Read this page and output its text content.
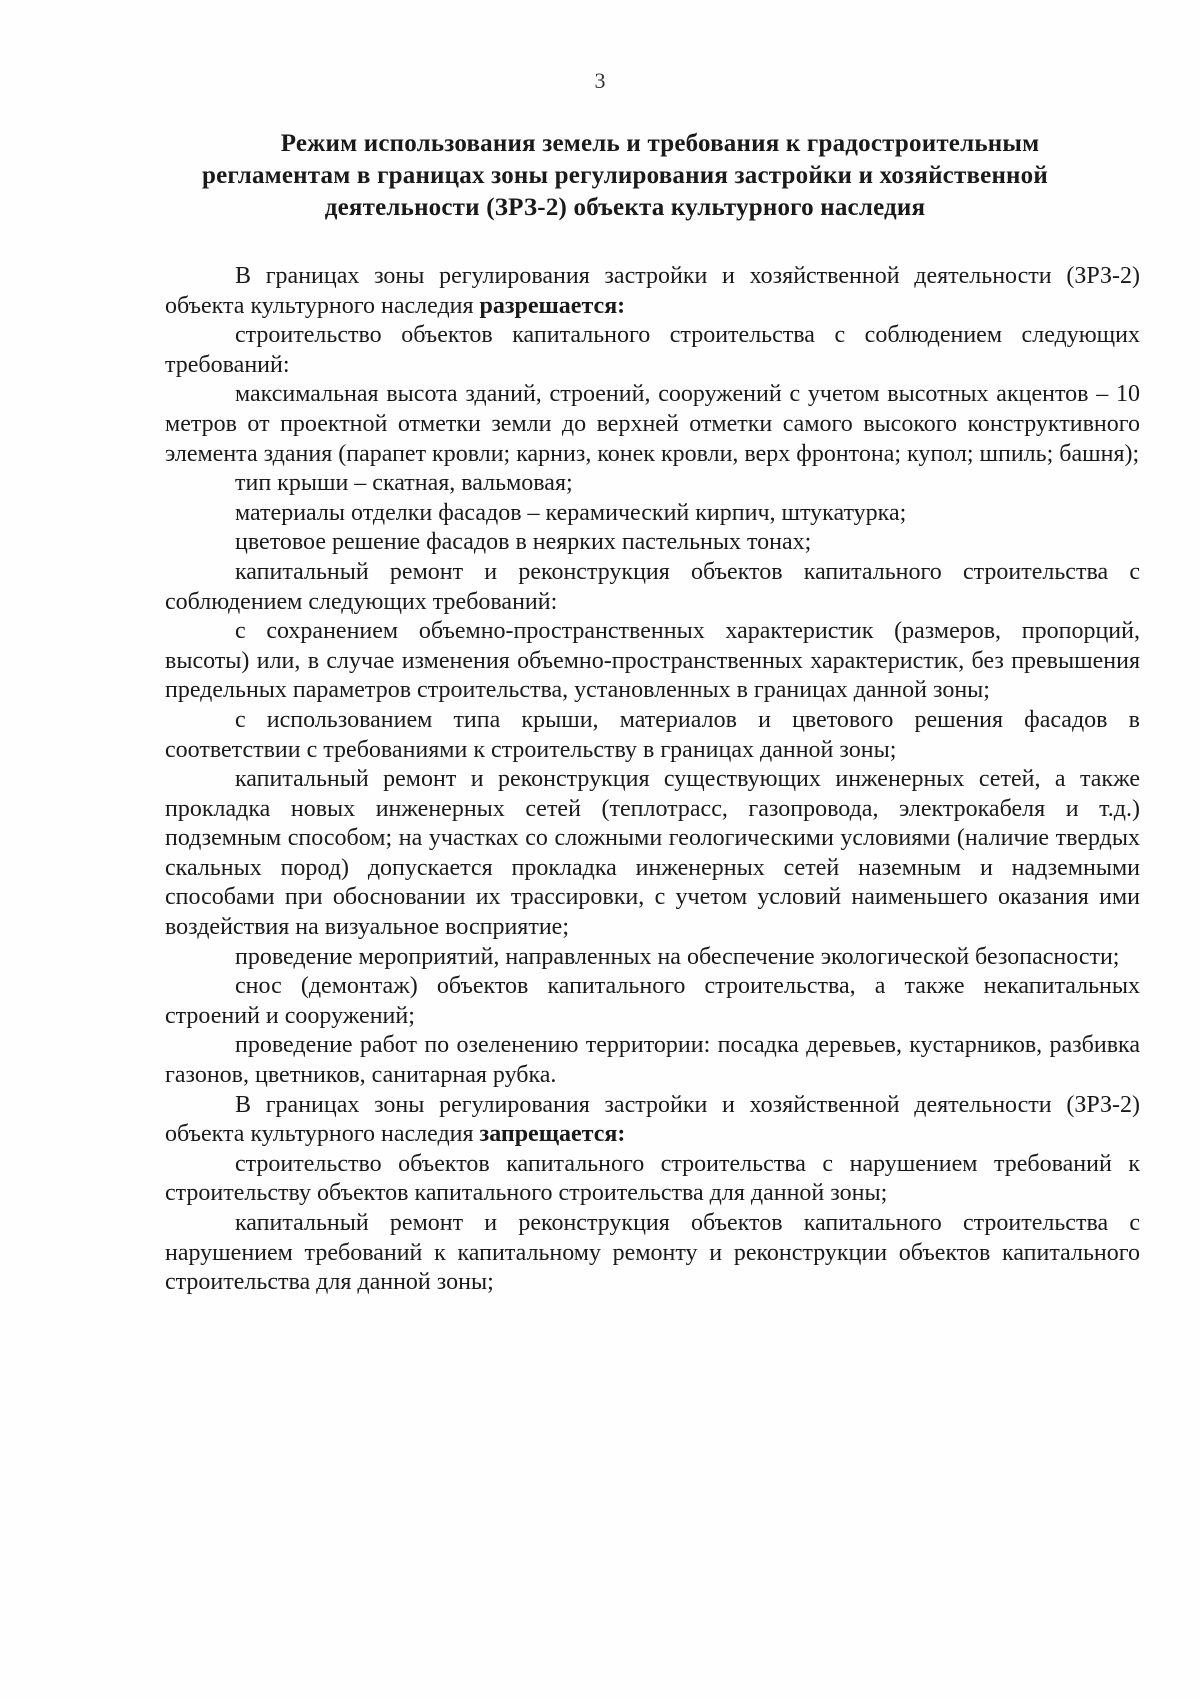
3
Режим использования земель и требования к градостроительным
регламентам в границах зоны регулирования застройки и хозяйственной
деятельности (ЗРЗ-2) объекта культурного наследия

В границах зоны регулирования застройки и хозяйственной деятельности (ЗРЗ-2) объекта культурного наследия разрешается:

строительство объектов капитального строительства с соблюдением следующих требований:

максимальная высота зданий, строений, сооружений с учетом высотных акцентов – 10 метров от проектной отметки земли до верхней отметки самого высокого конструктивного элемента здания (парапет кровли; карниз, конек кровли, верх фронтона; купол; шпиль; башня);

тип крыши – скатная, вальмовая;

материалы отделки фасадов – керамический кирпич, штукатурка;

цветовое решение фасадов в неярких пастельных тонах;

капитальный ремонт и реконструкция объектов капитального строительства с соблюдением следующих требований:

с сохранением объемно-пространственных характеристик (размеров, пропорций, высоты) или, в случае изменения объемно-пространственных характеристик, без превышения предельных параметров строительства, установленных в границах данной зоны;

с использованием типа крыши, материалов и цветового решения фасадов в соответствии с требованиями к строительству в границах данной зоны;

капитальный ремонт и реконструкция существующих инженерных сетей, а также прокладка новых инженерных сетей (теплотрасс, газопровода, электрокабеля и т.д.) подземным способом; на участках со сложными геологическими условиями (наличие твердых скальных пород) допускается прокладка инженерных сетей наземным и надземными способами при обосновании их трассировки, с учетом условий наименьшего оказания ими воздействия на визуальное восприятие;

проведение мероприятий, направленных на обеспечение экологической безопасности;

снос (демонтаж) объектов капитального строительства, а также некапитальных строений и сооружений;

проведение работ по озеленению территории: посадка деревьев, кустарников, разбивка газонов, цветников, санитарная рубка.

В границах зоны регулирования застройки и хозяйственной деятельности (ЗРЗ-2) объекта культурного наследия запрещается:

строительство объектов капитального строительства с нарушением требований к строительству объектов капитального строительства для данной зоны;

капитальный ремонт и реконструкция объектов капитального строительства с нарушением требований к капитальному ремонту и реконструкции объектов капитального строительства для данной зоны;
